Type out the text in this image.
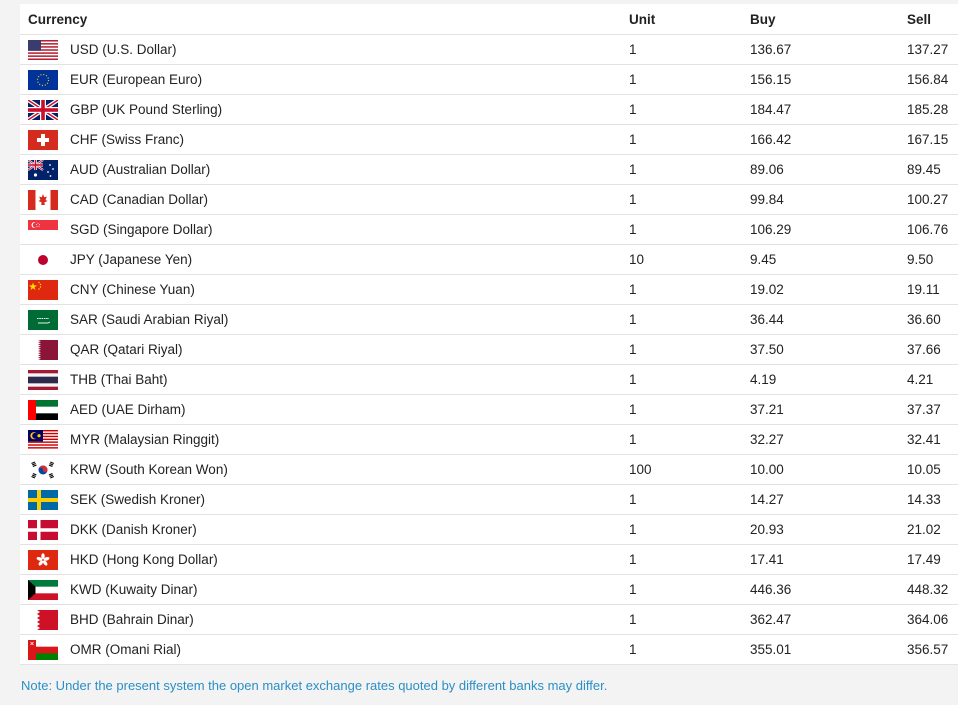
Currency		Unit	Buy	Sell

	USD (U.S. Dollar)	1	136.67	137.27

	EUR (European Euro)	1	156.15	156.84

	GBP (UK Pound Sterling)	1	184.47	185.28

	CHF (Swiss Franc)	1	166.42	167.15

	AUD (Australian Dollar)	1	89.06	89.45

	CAD (Canadian Dollar)	1	99.84	100.27

	SGD (Singapore Dollar)	1	106.29	106.76

	JPY (Japanese Yen)	10	9.45	9.50

	CNY (Chinese Yuan)	1	19.02	19.11

	SAR (Saudi Arabian Riyal)	1	36.44	36.60

	QAR (Qatari Riyal)	1	37.50	37.66

	THB (Thai Baht)	1	4.19	4.21

	AED (UAE Dirham)	1	37.21	37.37

	MYR (Malaysian Ringgit)	1	32.27	32.41

	KRW (South Korean Won)	100	10.00	10.05

	SEK (Swedish Kroner)	1	14.27	14.33

	DKK (Danish Kroner)	1	20.93	21.02

	HKD (Hong Kong Dollar)	1	17.41	17.49

	KWD (Kuwaity Dinar)	1	446.36	448.32

	BHD (Bahrain Dinar)	1	362.47	364.06

	OMR (Omani Rial)	1	355.01	356.57
Note: Under the present system the open market exchange rates quoted by different banks may differ.
